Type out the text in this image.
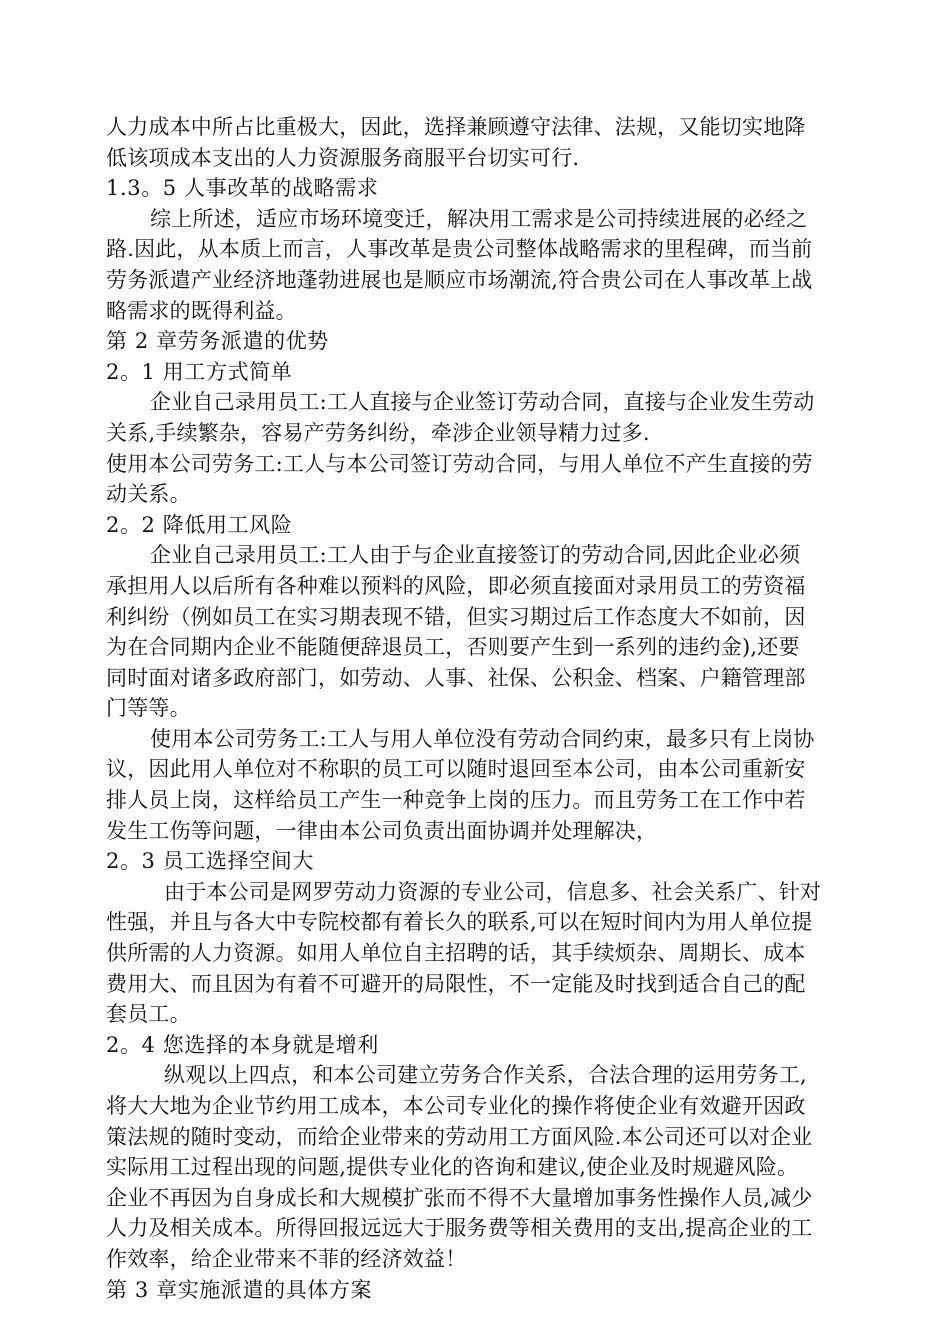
人力成本中所占比重极大，因此，选择兼顾遵守法律、法规，又能切实地降

低该项成本支出的人力资源服务商服平台切实可行.

1.3。5 人事改革的战略需求

综上所述，适应市场环境变迁，解决用工需求是公司持续进展的必经之

路.因此，从本质上而言，人事改革是贵公司整体战略需求的里程碑，而当前

劳务派遣产业经济地蓬勃进展也是顺应市场潮流,符合贵公司在人事改革上战

略需求的既得利益。

第 2 章劳务派遣的优势

2。1 用工方式简单

企业自己录用员工:工人直接与企业签订劳动合同，直接与企业发生劳动

关系,手续繁杂，容易产劳务纠纷，牵涉企业领导精力过多.

使用本公司劳务工:工人与本公司签订劳动合同，与用人单位不产生直接的劳

动关系。

2。2 降低用工风险

企业自己录用员工:工人由于与企业直接签订的劳动合同,因此企业必须

承担用人以后所有各种难以预料的风险，即必须直接面对录用员工的劳资福

利纠纷（例如员工在实习期表现不错，但实习期过后工作态度大不如前，因

为在合同期内企业不能随便辞退员工，否则要产生到一系列的违约金),还要

同时面对诸多政府部门，如劳动、人事、社保、公积金、档案、户籍管理部

门等等。

使用本公司劳务工:工人与用人单位没有劳动合同约束，最多只有上岗协

议，因此用人单位对不称职的员工可以随时退回至本公司，由本公司重新安

排人员上岗，这样给员工产生一种竞争上岗的压力。而且劳务工在工作中若

发生工伤等问题，一律由本公司负责出面协调并处理解决，

2。3 员工选择空间大

由于本公司是网罗劳动力资源的专业公司，信息多、社会关系广、针对

性强，并且与各大中专院校都有着长久的联系,可以在短时间内为用人单位提

供所需的人力资源。如用人单位自主招聘的话，其手续烦杂、周期长、成本

费用大、而且因为有着不可避开的局限性，不一定能及时找到适合自己的配

套员工。

2。4 您选择的本身就是增利

纵观以上四点，和本公司建立劳务合作关系，合法合理的运用劳务工,

将大大地为企业节约用工成本，本公司专业化的操作将使企业有效避开因政

策法规的随时变动，而给企业带来的劳动用工方面风险.本公司还可以对企业

实际用工过程出现的问题,提供专业化的咨询和建议,使企业及时规避风险。

企业不再因为自身成长和大规模扩张而不得不大量增加事务性操作人员,减少

人力及相关成本。所得回报远远大于服务费等相关费用的支出,提高企业的工

作效率，给企业带来不菲的经济效益！

第 3 章实施派遣的具体方案
